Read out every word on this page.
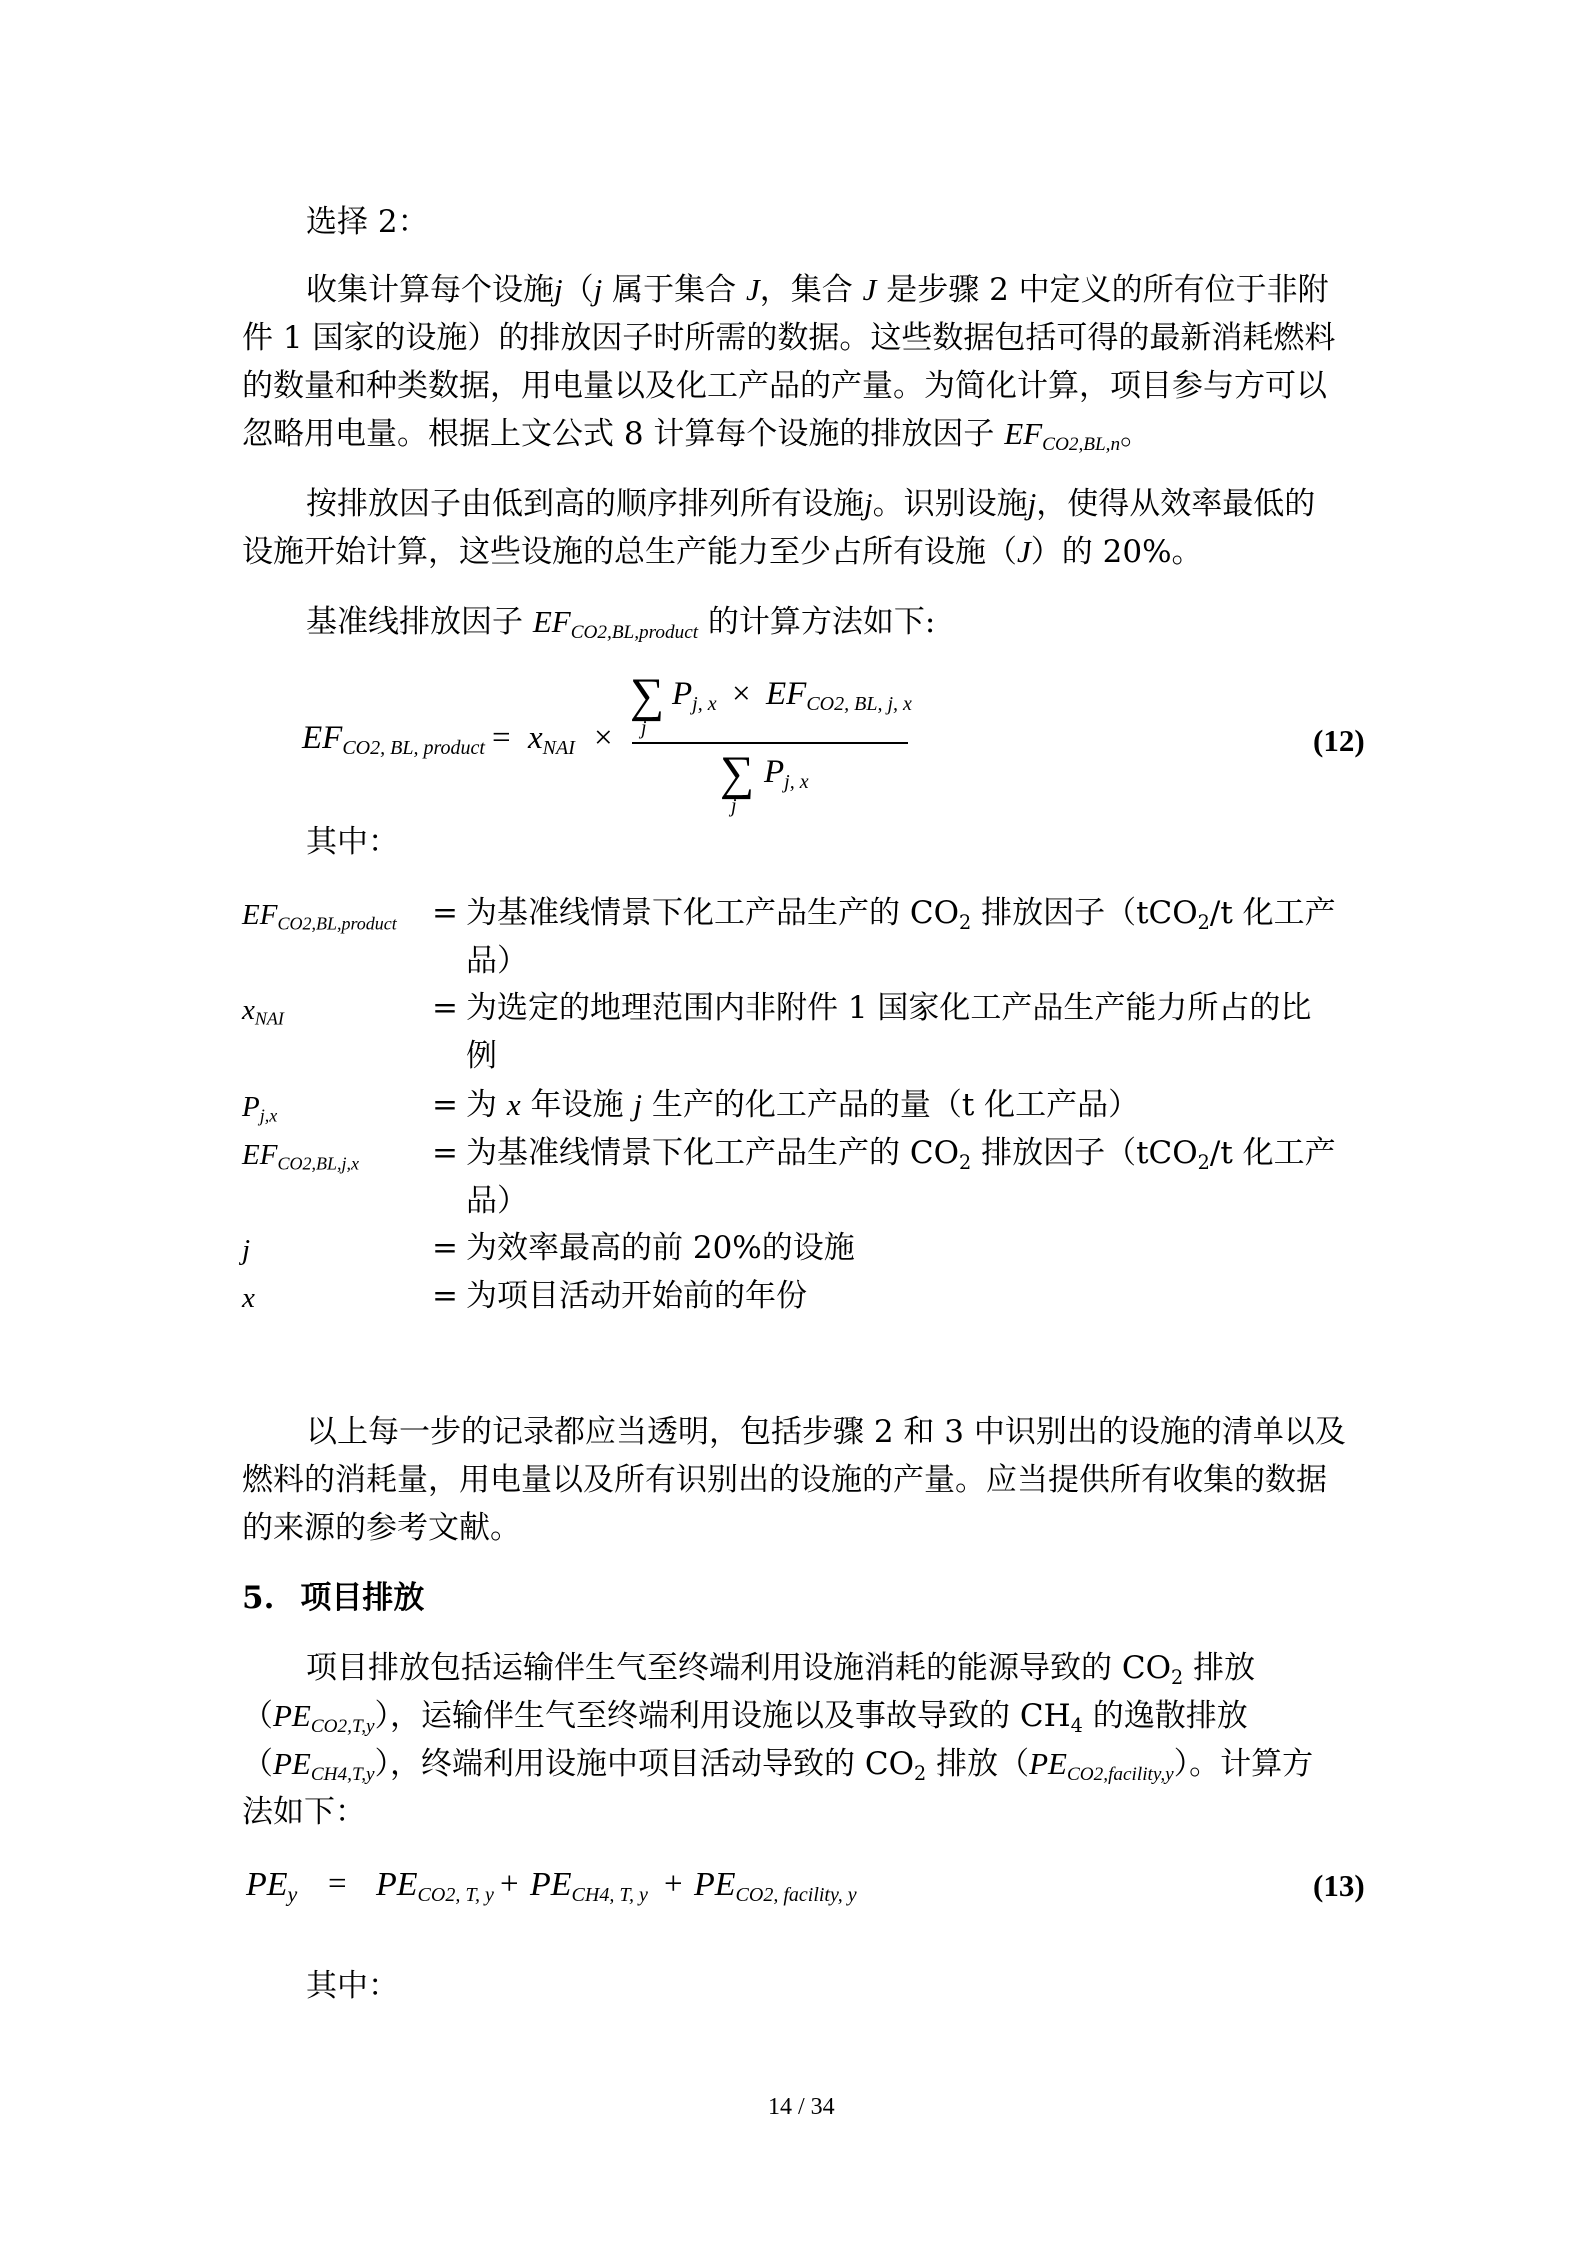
选择 2：
收集计算每个设施j（j 属于集合 J，集合 J 是步骤 2 中定义的所有位于非附
件 1 国家的设施）的排放因子时所需的数据。这些数据包括可得的最新消耗燃料
的数量和种类数据，用电量以及化工产品的产量。为简化计算，项目参与方可以
忽略用电量。根据上文公式 8 计算每个设施的排放因子 $EF_{CO2,BL,n}$。
按排放因子由低到高的顺序排列所有设施j。识别设施j，使得从效率最低的
设施开始计算，这些设施的总生产能力至少占所有设施（J）的 20%。
基准线排放因子 $EF_{CO2,BL,product}$ 的计算方法如下:
$EF_{CO2, BL, product} = x_{NAI}$ ×
∑
j
$P_{j, x} \times EF_{CO2, BL, j, x}$
∑
j
$P_{j, x}$
(12)
其中：
$EF_{CO2,BL,product}$ = 为基准线情景下化工产品生产的 $CO_2$ 排放因子（tCO$_2$/t 化工产
品）
$x_{NAI}$	= 为选定的地理范围内非附件 1 国家化工产品生产能力所占的比
例
$P_{j,x}$	= 为 x 年设施 j 生产的化工产品的量（t 化工产品）
$EF_{CO2,BL,j,x}$ = 为基准线情景下化工产品生产的 $CO_2$ 排放因子（tCO$_2$/t 化工产
品）
j	= 为效率最高的前 20%的设施
x	= 为项目活动开始前的年份
以上每一步的记录都应当透明，包括步骤 2 和 3 中识别出的设施的清单以及
燃料的消耗量，用电量以及所有识别出的设施的产量。应当提供所有收集的数据
的来源的参考文献。
5. 项目排放
项目排放包括运输伴生气至终端利用设施消耗的能源导致的 $CO_2$ 排放
$(PE_{CO2,T,y})$，运输伴生气至终端利用设施以及事故导致的 $CH_4$ 的逸散排放
$(PE_{CH4,T,y})$，终端利用设施中项目活动导致的 $CO_2$ 排放$(PE_{CO2,facility,y})$。计算方
法如下：
$PE_y = PE_{CO2, T, y} + PE_{CH4, T, y} + PE_{CO2, facility, y}$	(13)
其中：
14 / 34
